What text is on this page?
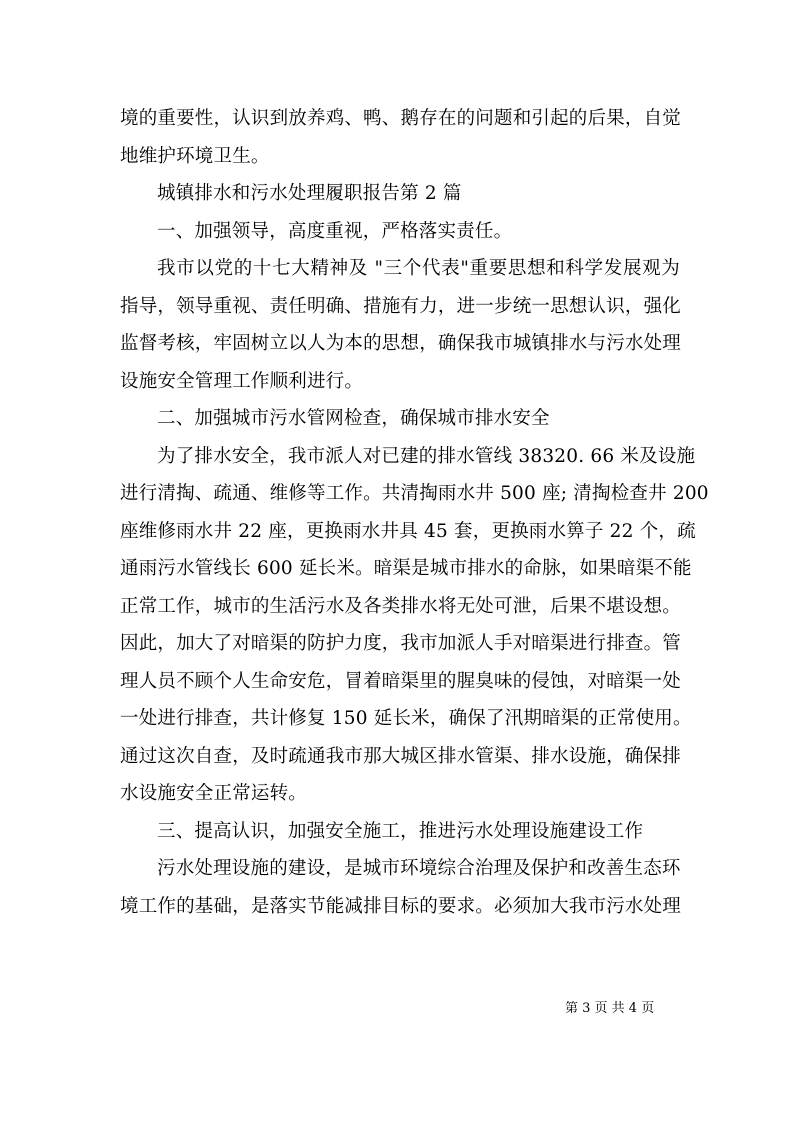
境的重要性，认识到放养鸡、鸭、鹅存在的问题和引起的后果，自觉
地维护环境卫生。
城镇排水和污水处理履职报告第 2 篇
一、加强领导，高度重视，严格落实责任。
我市以党的十七大精神及 "三个代表"重要思想和科学发展观为
指导，领导重视、责任明确、措施有力，进一步统一思想认识，强化
监督考核，牢固树立以人为本的思想，确保我市城镇排水与污水处理
设施安全管理工作顺利进行。
二、加强城市污水管网检查，确保城市排水安全
为了排水安全，我市派人对已建的排水管线 38320. 66 米及设施
进行清掏、疏通、维修等工作。共清掏雨水井 500 座; 清掏检查井 200
座维修雨水井 22 座，更换雨水井具 45 套，更换雨水箅子 22 个，疏
通雨污水管线长 600 延长米。暗渠是城市排水的命脉，如果暗渠不能
正常工作，城市的生活污水及各类排水将无处可泄，后果不堪设想。
因此，加大了对暗渠的防护力度，我市加派人手对暗渠进行排查。管
理人员不顾个人生命安危，冒着暗渠里的腥臭味的侵蚀，对暗渠一处
一处进行排查，共计修复 150 延长米，确保了汛期暗渠的正常使用。
通过这次自查，及时疏通我市那大城区排水管渠、排水设施，确保排
水设施安全正常运转。
三、提高认识，加强安全施工，推进污水处理设施建设工作
污水处理设施的建设，是城市环境综合治理及保护和改善生态环
境工作的基础，是落实节能减排目标的要求。必须加大我市污水处理
第 3 页 共 4 页
